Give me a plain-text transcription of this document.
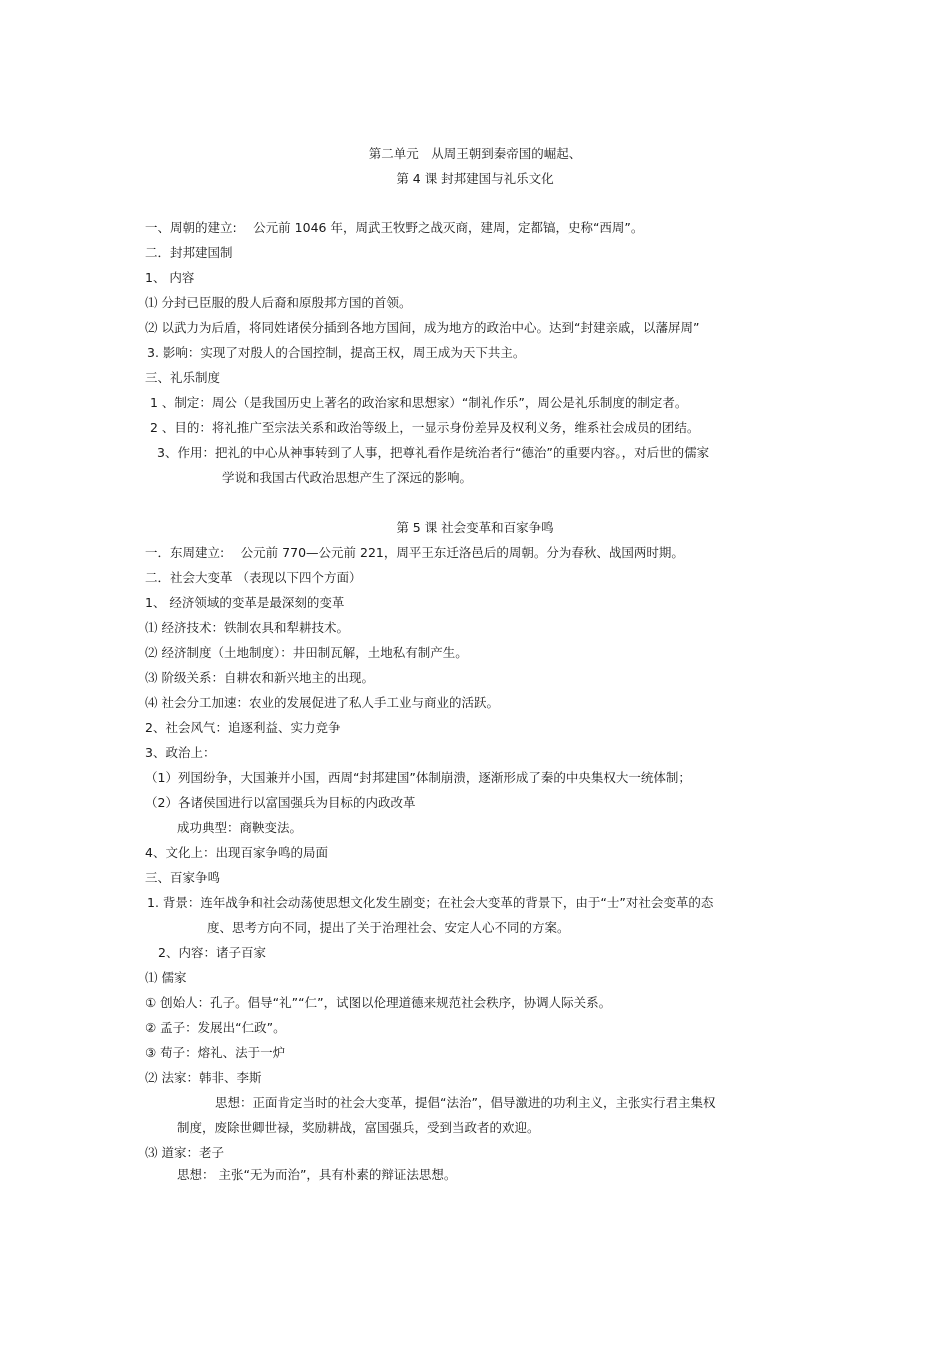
第二单元　从周王朝到秦帝国的崛起、
第 4 课 封邦建国与礼乐文化
一、周朝的建立:　 公元前 1046 年，周武王牧野之战灭商，建周，定都镐，史称“西周”。
二．封邦建国制
1、 内容
⑴ 分封已臣服的殷人后裔和原殷邦方国的首领。
⑵ 以武力为后盾，将同姓诸侯分插到各地方国间，成为地方的政治中心。达到“封建亲戚，以藩屏周”
3. 影响：实现了对殷人的合国控制，提高王权，周王成为天下共主。
三、礼乐制度
1 、制定：周公（是我国历史上著名的政治家和思想家）“制礼作乐”，周公是礼乐制度的制定者。
2 、目的：将礼推广至宗法关系和政治等级上，一显示身份差异及权利义务，维系社会成员的团结。
3、作用：把礼的中心从神事转到了人事，把尊礼看作是统治者行“德治”的重要内容。，对后世的儒家
学说和我国古代政治思想产生了深远的影响。
第 5 课 社会变革和百家争鸣
一．东周建立:　 公元前 770—公元前 221，周平王东迁洛邑后的周朝。分为春秋、战国两时期。
二．社会大变革 （表现以下四个方面）
1、 经济领域的变革是最深刻的变革
⑴ 经济技术：铁制农具和犁耕技术。
⑵ 经济制度（土地制度）：井田制瓦解，土地私有制产生。
⑶ 阶级关系：自耕农和新兴地主的出现。
⑷ 社会分工加速：农业的发展促进了私人手工业与商业的活跃。
2、社会风气：追逐利益、实力竞争
3、政治上：
（1）列国纷争，大国兼并小国，西周“封邦建国”体制崩溃，逐渐形成了秦的中央集权大一统体制；
（2）各诸侯国进行以富国强兵为目标的内政改革
成功典型：商鞅变法。
4、文化上：出现百家争鸣的局面
三、百家争鸣
1. 背景：连年战争和社会动荡使思想文化发生剧变；在社会大变革的背景下，由于“士”对社会变革的态
度、思考方向不同，提出了关于治理社会、安定人心不同的方案。
2、内容：诸子百家
⑴ 儒家
① 创始人：孔子。倡导“礼”“仁”，试图以伦理道德来规范社会秩序，协调人际关系。
② 孟子：发展出“仁政”。
③ 荀子：熔礼、法于一炉
⑵ 法家：韩非、李斯
思想：正面肯定当时的社会大变革，提倡“法治”，倡导激进的功利主义，主张实行君主集权
制度，废除世卿世禄，奖励耕战，富国强兵，受到当政者的欢迎。
⑶ 道家：老子
思想： 主张“无为而治”，具有朴素的辩证法思想。
